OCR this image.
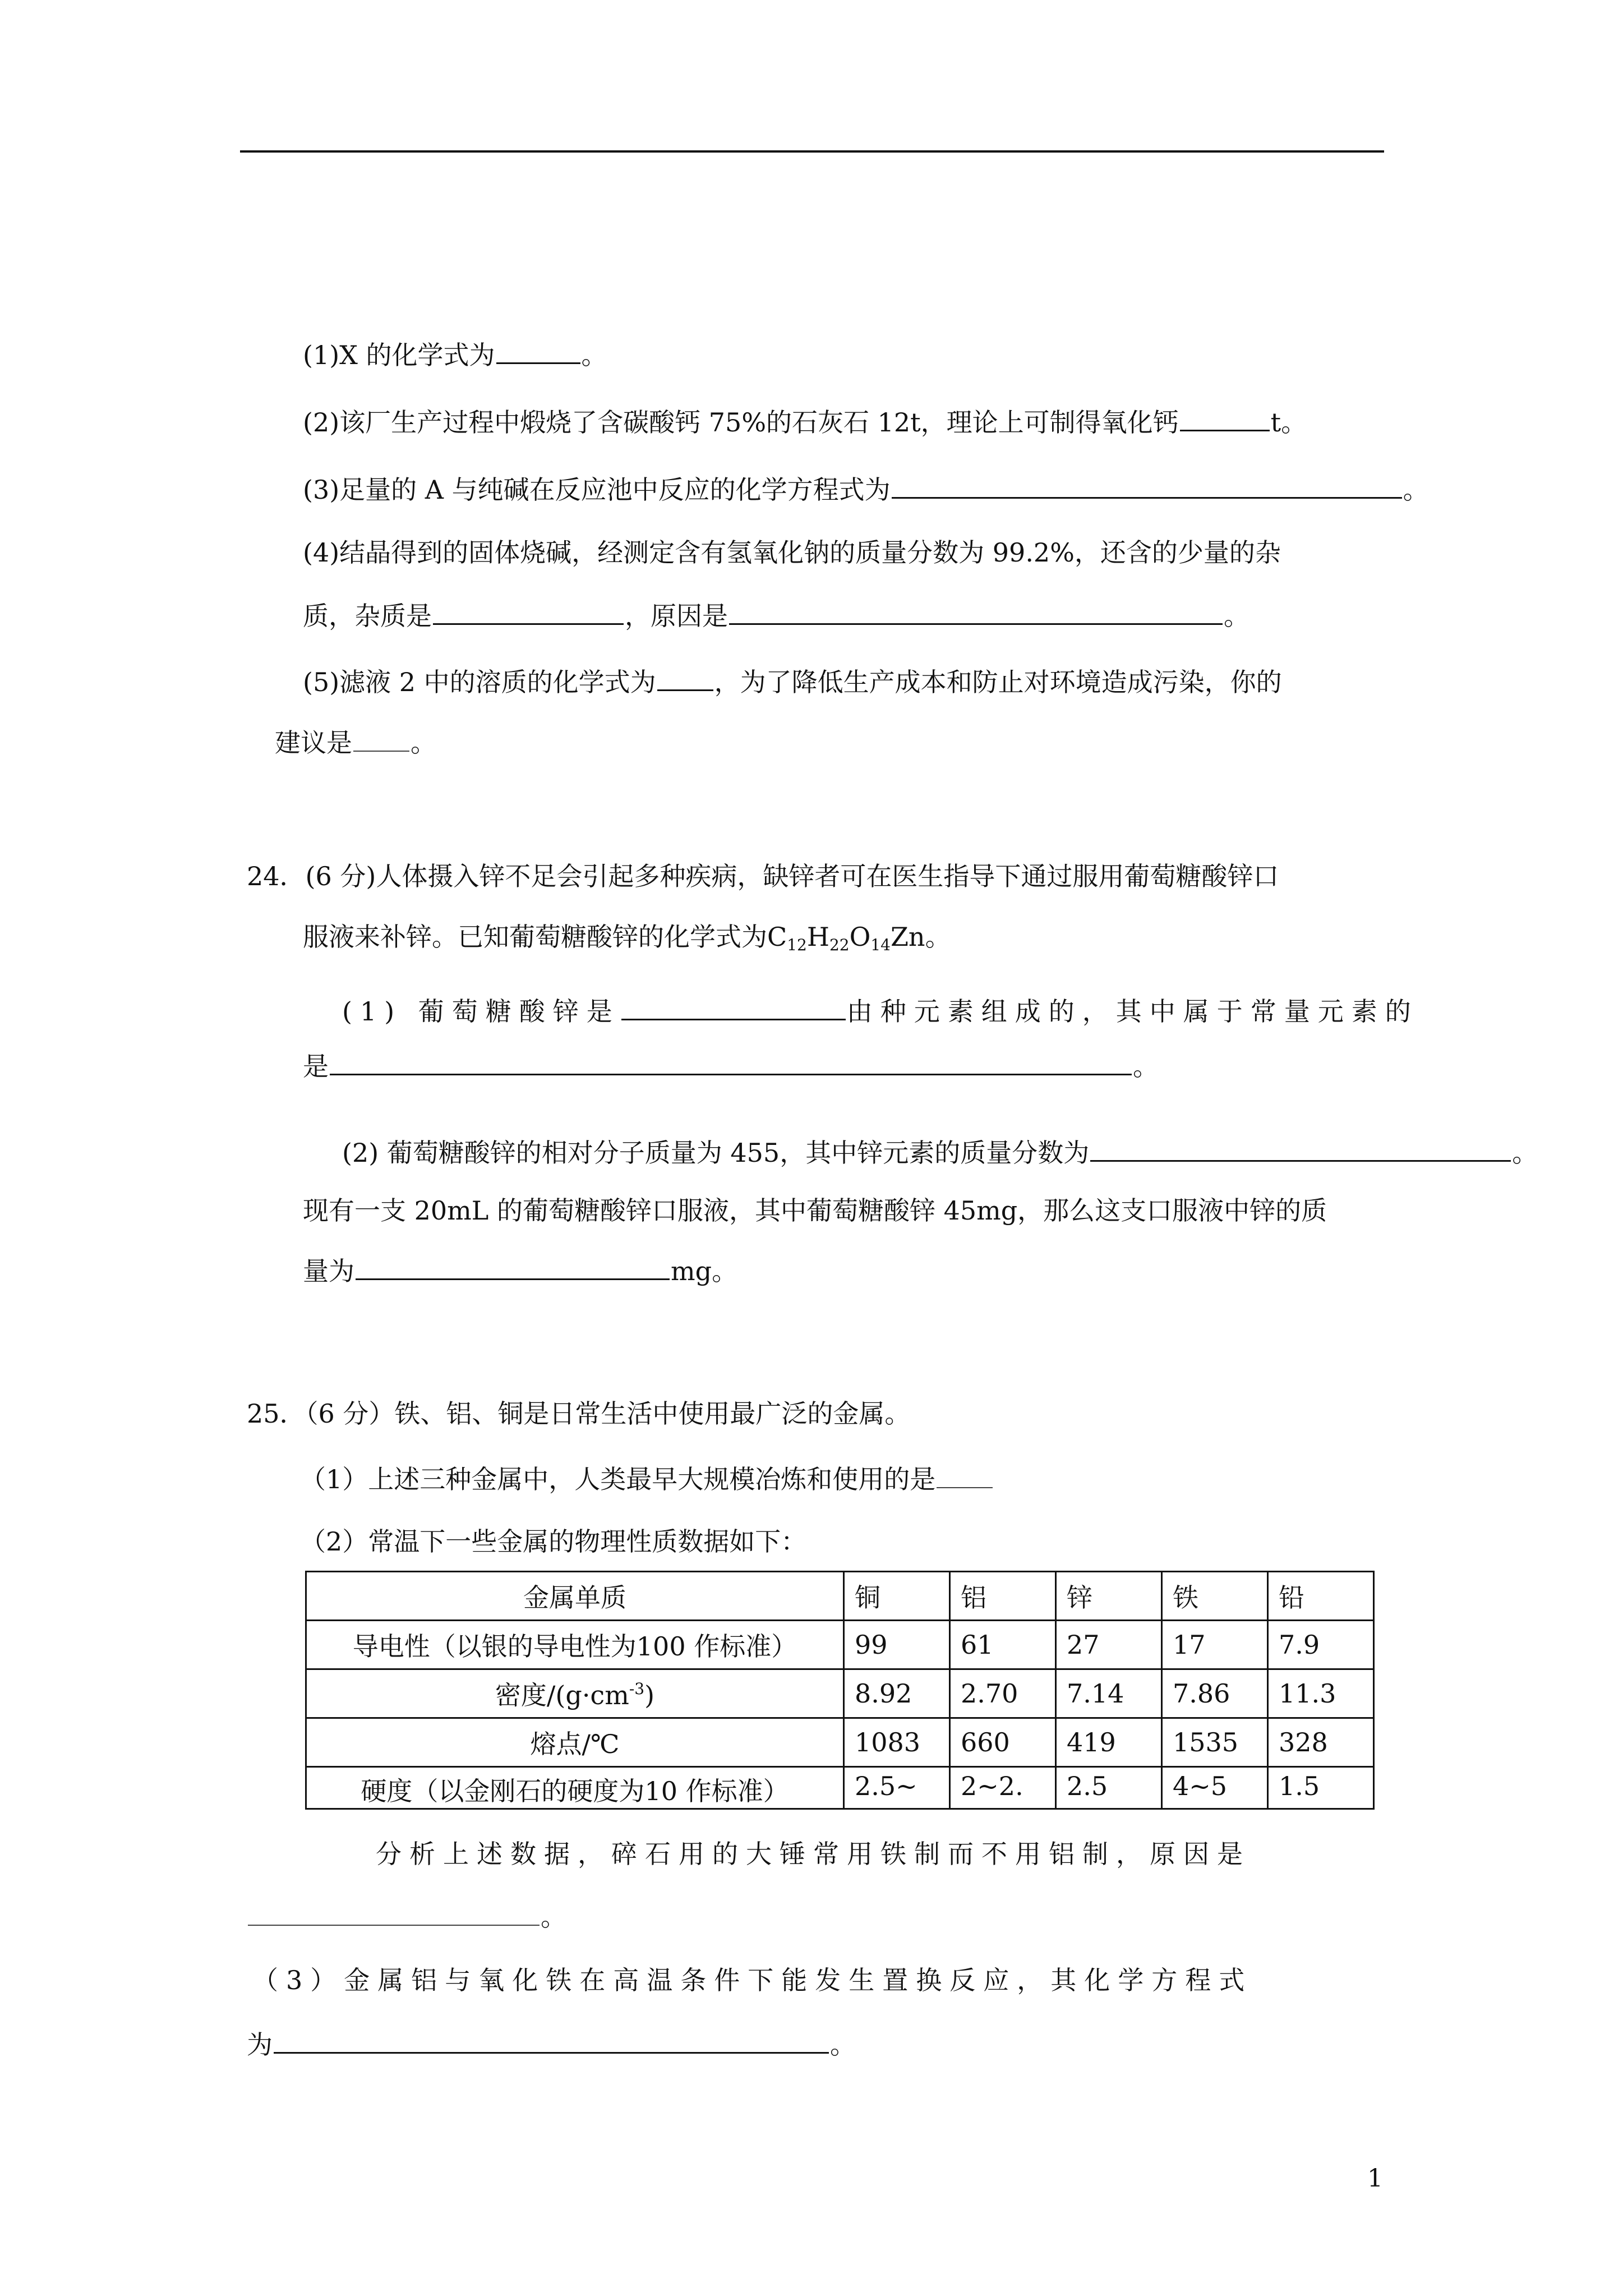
(1)X 的化学式为	。
(2)该厂生产过程中煅烧了含碳酸钙 75%的石灰石 12t，理论上可制得氧化钙	t。
(3)足量的 A 与纯碱在反应池中反应的化学方程式为	。
(4)结晶得到的固体烧碱，经测定含有氢氧化钠的质量分数为 99.2%，还含的少量的杂
质，杂质是	，原因是	。
(5)滤液 2 中的溶质的化学式为 ，为了降低生产成本和防止对环境造成污染，你的
建议是 。
24．(6 分)人体摄入锌不足会引起多种疾病，缺锌者可在医生指导下通过服用葡萄糖酸锌口
服液来补锌。已知葡萄糖酸锌的化学式为$C_{12}H_{22}O_{14}Zn$。
(1) 葡萄糖酸锌是	由种元素组成的，其中属于常量元素的
是	。
(2) 葡萄糖酸锌的相对分子质量为 455，其中锌元素的质量分数为	。
现有一支 20mL 的葡萄糖酸锌口服液，其中葡萄糖酸锌 45mg，那么这支口服液中锌的质
量为	mg。
25．（6 分）铁、铝、铜是日常生活中使用最广泛的金属。
（1）上述三种金属中，人类最早大规模冶炼和使用的是
（2）常温下一些金属的物理性质数据如下：
金属单质	铜	铝	锌	铁	铅
导电性（以银的导电性为100 作标准）	99	61	27	17	7.9
密度$/(g\cdot cm^{-3})$	8.92	2.70	7.14	7.86	11.3
熔点/℃	1083	660	419	1535	328
硬度（以金刚石的硬度为10 作标准）	2.5~	2~2.	2.5	4~5	1.5
分析上述数据，碎石用的大锤常用铁制而不用铝制，原因是
。
（3）金属铝与氧化铁在高温条件下能发生置换反应，其化学方程式
为	。
1
